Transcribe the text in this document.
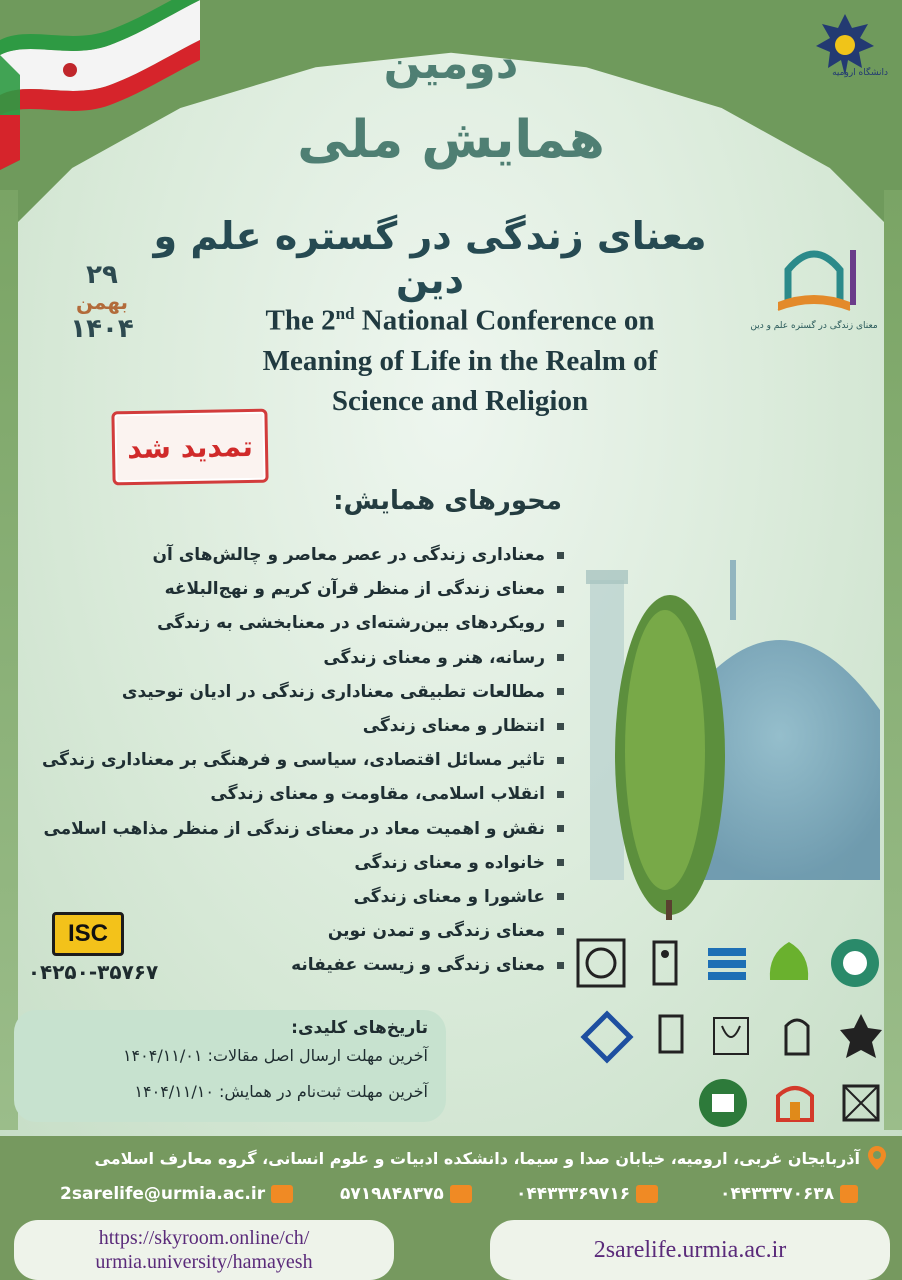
دانشگاه ارومیه
دومین
همایش ملی
معنای زندگی در گستره علم و دین
۲۹
بهمن
۱۴۰۴	معنای زندگی در گستره علم و دین
The 2nd National Conference on
Meaning of Life in the Realm of
Science and Religion
تمدید شد
محورهای همایش:
معناداری زندگی در عصر معاصر و چالش‌های آن
معنای زندگی از منظر قرآن کریم و نهج‌البلاغه
رویکردهای بین‌رشته‌ای در معنابخشی به زندگی
رسانه، هنر و معنای زندگی
مطالعات تطبیقی معناداری زندگی در ادیان توحیدی
انتظار و معنای زندگی
تاثیر مسائل اقتصادی، سیاسی و فرهنگی بر معناداری زندگی
انقلاب اسلامی، مقاومت و معنای زندگی
نقش و اهمیت معاد در معنای زندگی از منظر مذاهب اسلامی
خانواده و معنای زندگی
عاشورا و معنای زندگی
معنای زندگی و تمدن نوین
معنای زندگی و زیست عفیفانه
ISC
۰۴۲۵۰-۳۵۷۶۷
تاریخ‌های کلیدی:
آخرین مهلت ارسال اصل مقالات: ۱۴۰۴/۱۱/۰۱
آخرین مهلت ثبت‌نام در همایش: ۱۴۰۴/۱۱/۱۰
آذربایجان غربی، ارومیه، خیابان صدا و سیما، دانشکده ادبیات و علوم انسانی، گروه معارف اسلامی
2sarelife@urmia.ac.ir	۵۷۱۹۸۴۸۳۷۵	۰۴۴۳۳۳۶۹۷۱۶	۰۴۴۳۳۳۷۰۶۳۸
https://skyroom.online/ch/
urmia.university/hamayesh	2sarelife.urmia.ac.ir
